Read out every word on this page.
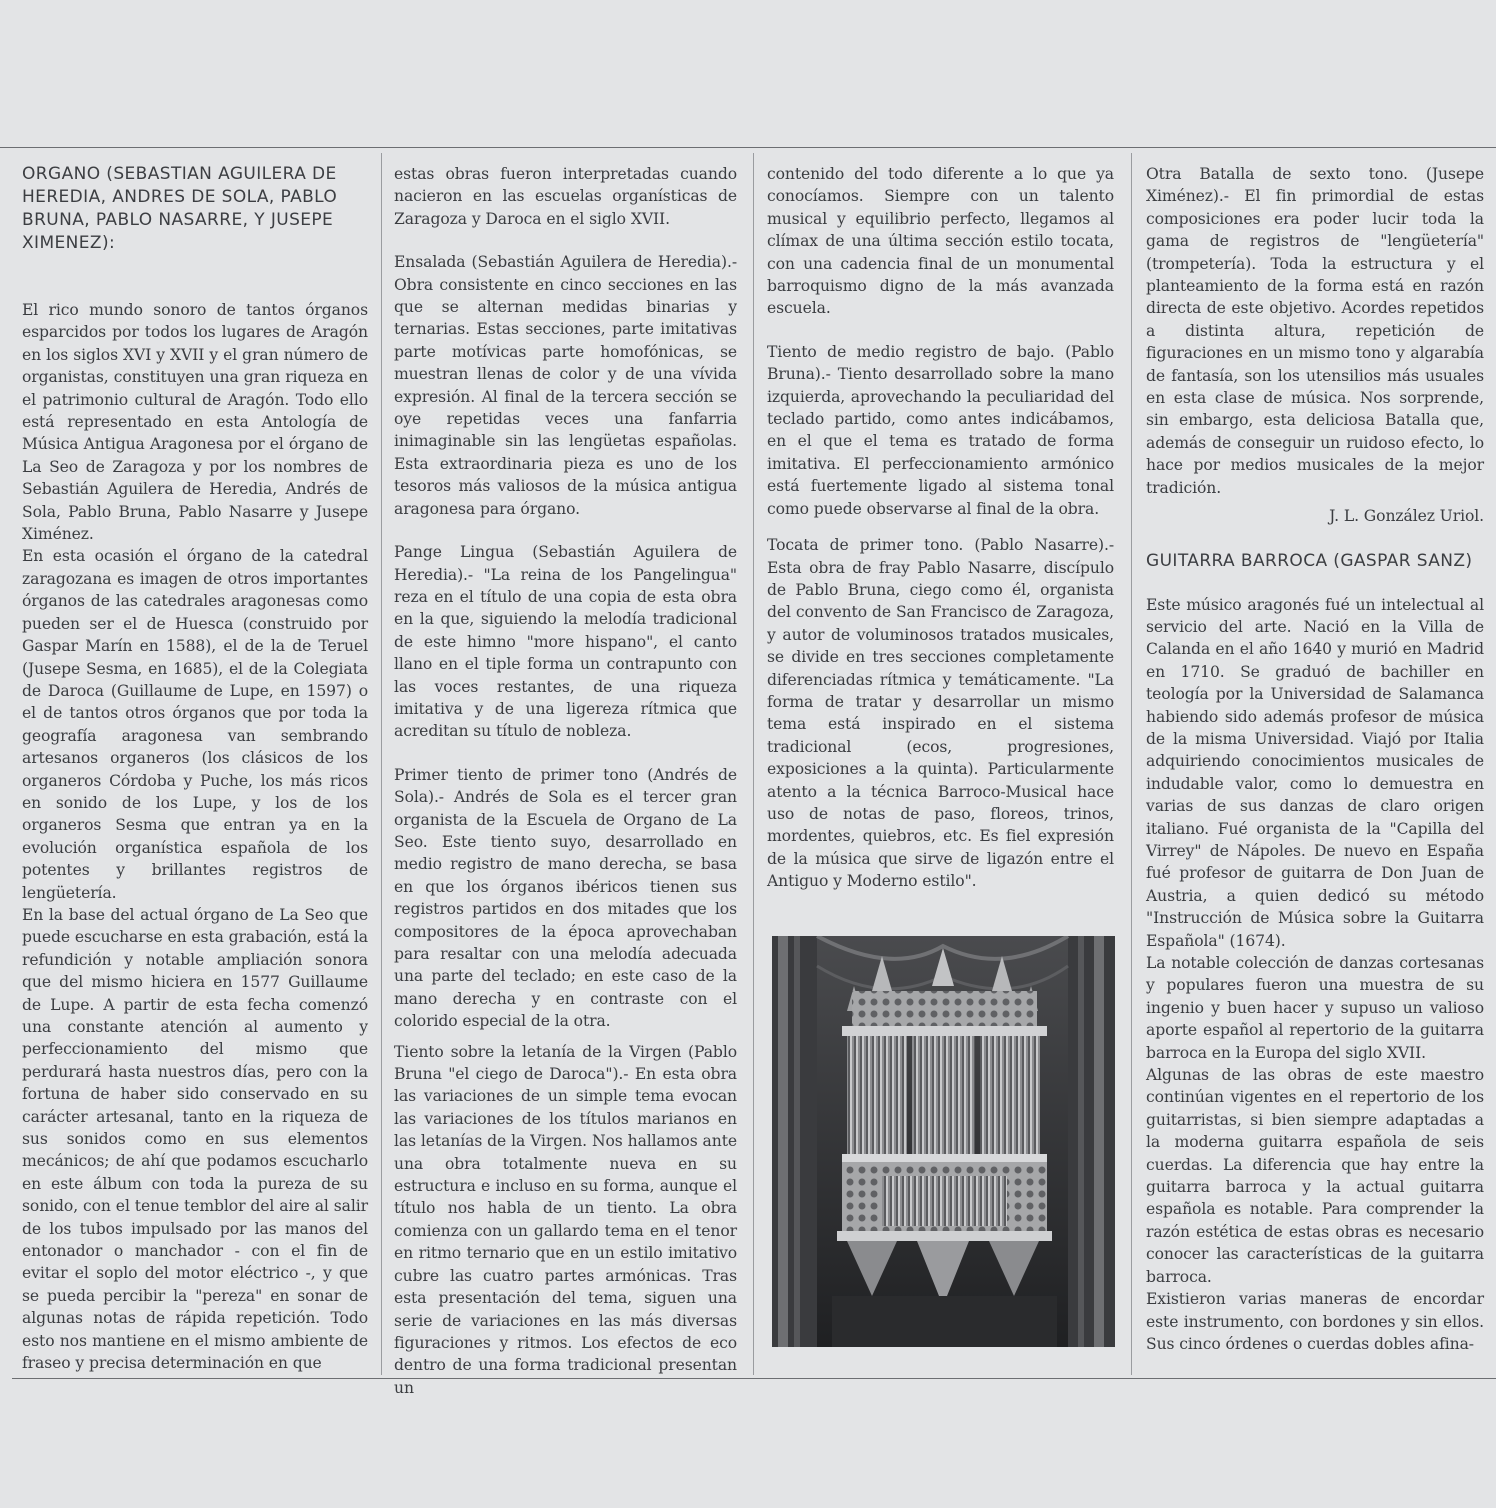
ORGANO (SEBASTIAN AGUILERA DE HEREDIA, ANDRES DE SOLA, PABLO BRUNA, PABLO NASARRE, Y JUSEPE XIMENEZ):

El rico mundo sonoro de tantos órganos esparcidos por todos los lugares de Aragón en los siglos XVI y XVII y el gran número de organistas, constituyen una gran riqueza en el patrimonio cultural de Aragón. Todo ello está representado en esta Antología de Música Antigua Aragonesa por el órgano de La Seo de Zaragoza y por los nombres de Sebastián Aguilera de Heredia, Andrés de Sola, Pablo Bruna, Pablo Nasarre y Jusepe Ximénez.

En esta ocasión el órgano de la catedral zaragozana es imagen de otros importantes órganos de las catedrales aragonesas como pueden ser el de Huesca (construido por Gaspar Marín en 1588), el de la de Teruel (Jusepe Sesma, en 1685), el de la Colegiata de Daroca (Guillaume de Lupe, en 1597) o el de tantos otros órganos que por toda la geografía aragonesa van sembrando artesanos organeros (los clásicos de los organeros Córdoba y Puche, los más ricos en sonido de los Lupe, y los de los organeros Sesma que entran ya en la evolución organística española de los potentes y brillantes registros de lengüetería.

En la base del actual órgano de La Seo que puede escucharse en esta grabación, está la refundición y notable ampliación sonora que del mismo hiciera en 1577 Guillaume de Lupe. A partir de esta fecha comenzó una constante atención al aumento y perfeccionamiento del mismo que perdurará hasta nuestros días, pero con la fortuna de haber sido conservado en su carácter artesanal, tanto en la riqueza de sus sonidos como en sus elementos mecánicos; de ahí que podamos escucharlo en este álbum con toda la pureza de su sonido, con el tenue temblor del aire al salir de los tubos impulsado por las manos del entonador o manchador - con el fin de evitar el soplo del motor eléctrico -, y que se pueda percibir la "pereza" en sonar de algunas notas de rápida repetición. Todo esto nos mantiene en el mismo ambiente de fraseo y precisa determinación en que

estas obras fueron interpretadas cuando nacieron en las escuelas organísticas de Zaragoza y Daroca en el siglo XVII.

Ensalada (Sebastián Aguilera de Heredia).- Obra consistente en cinco secciones en las que se alternan medidas binarias y ternarias. Estas secciones, parte imitativas parte motívicas parte homofónicas, se muestran llenas de color y de una vívida expresión. Al final de la tercera sección se oye repetidas veces una fanfarria inimaginable sin las lengüetas españolas. Esta extraordinaria pieza es uno de los tesoros más valiosos de la música antigua aragonesa para órgano.

Pange Lingua (Sebastián Aguilera de Heredia).- "La reina de los Pangelingua" reza en el título de una copia de esta obra en la que, siguiendo la melodía tradicional de este himno "more hispano", el canto llano en el tiple forma un contrapunto con las voces restantes, de una riqueza imitativa y de una ligereza rítmica que acreditan su título de nobleza.

Primer tiento de primer tono (Andrés de Sola).- Andrés de Sola es el tercer gran organista de la Escuela de Organo de La Seo. Este tiento suyo, desarrollado en medio registro de mano derecha, se basa en que los órganos ibéricos tienen sus registros partidos en dos mitades que los compositores de la época aprovechaban para resaltar con una melodía adecuada una parte del teclado; en este caso de la mano derecha y en contraste con el colorido especial de la otra.

Tiento sobre la letanía de la Virgen (Pablo Bruna "el ciego de Daroca").- En esta obra las variaciones de un simple tema evocan las variaciones de los títulos marianos en las letanías de la Virgen. Nos hallamos ante una obra totalmente nueva en su estructura e incluso en su forma, aunque el título nos habla de un tiento. La obra comienza con un gallardo tema en el tenor en ritmo ternario que en un estilo imitativo cubre las cuatro partes armónicas. Tras esta presentación del tema, siguen una serie de variaciones en las más diversas figuraciones y ritmos. Los efectos de eco dentro de una forma tradicional presentan un

contenido del todo diferente a lo que ya conocíamos. Siempre con un talento musical y equilibrio perfecto, llegamos al clímax de una última sección estilo tocata, con una cadencia final de un monumental barroquismo digno de la más avanzada escuela.

Tiento de medio registro de bajo. (Pablo Bruna).- Tiento desarrollado sobre la mano izquierda, aprovechando la peculiaridad del teclado partido, como antes indicábamos, en el que el tema es tratado de forma imitativa. El perfeccionamiento armónico está fuertemente ligado al sistema tonal como puede observarse al final de la obra.

Tocata de primer tono. (Pablo Nasarre).- Esta obra de fray Pablo Nasarre, discípulo de Pablo Bruna, ciego como él, organista del convento de San Francisco de Zaragoza, y autor de voluminosos tratados musicales, se divide en tres secciones completamente diferenciadas rítmica y temáticamente. "La forma de tratar y desarrollar un mismo tema está inspirado en el sistema tradicional (ecos, progresiones, exposiciones a la quinta). Particularmente atento a la técnica Barroco-Musical hace uso de notas de paso, floreos, trinos, mordentes, quiebros, etc. Es fiel expresión de la música que sirve de ligazón entre el Antiguo y Moderno estilo".

Otra Batalla de sexto tono. (Jusepe Ximénez).- El fin primordial de estas composiciones era poder lucir toda la gama de registros de "lengüetería" (trompetería). Toda la estructura y el planteamiento de la forma está en razón directa de este objetivo. Acordes repetidos a distinta altura, repetición de figuraciones en un mismo tono y algarabía de fantasía, son los utensilios más usuales en esta clase de música. Nos sorprende, sin embargo, esta deliciosa Batalla que, además de conseguir un ruidoso efecto, lo hace por medios musicales de la mejor tradición.

J. L. González Uriol.

GUITARRA BARROCA (GASPAR SANZ)

Este músico aragonés fué un intelectual al servicio del arte. Nació en la Villa de Calanda en el año 1640 y murió en Madrid en 1710. Se graduó de bachiller en teología por la Universidad de Salamanca habiendo sido además profesor de música de la misma Universidad. Viajó por Italia adquiriendo conocimientos musicales de indudable valor, como lo demuestra en varias de sus danzas de claro origen italiano. Fué organista de la "Capilla del Virrey" de Nápoles. De nuevo en España fué profesor de guitarra de Don Juan de Austria, a quien dedicó su método "Instrucción de Música sobre la Guitarra Española" (1674).

La notable colección de danzas cortesanas y populares fueron una muestra de su ingenio y buen hacer y supuso un valioso aporte español al repertorio de la guitarra barroca en la Europa del siglo XVII.

Algunas de las obras de este maestro continúan vigentes en el repertorio de los guitarristas, si bien siempre adaptadas a la moderna guitarra española de seis cuerdas. La diferencia que hay entre la guitarra barroca y la actual guitarra española es notable. Para comprender la razón estética de estas obras es necesario conocer las características de la guitarra barroca.

Existieron varias maneras de encordar este instrumento, con bordones y sin ellos. Sus cinco órdenes o cuerdas dobles afina-
